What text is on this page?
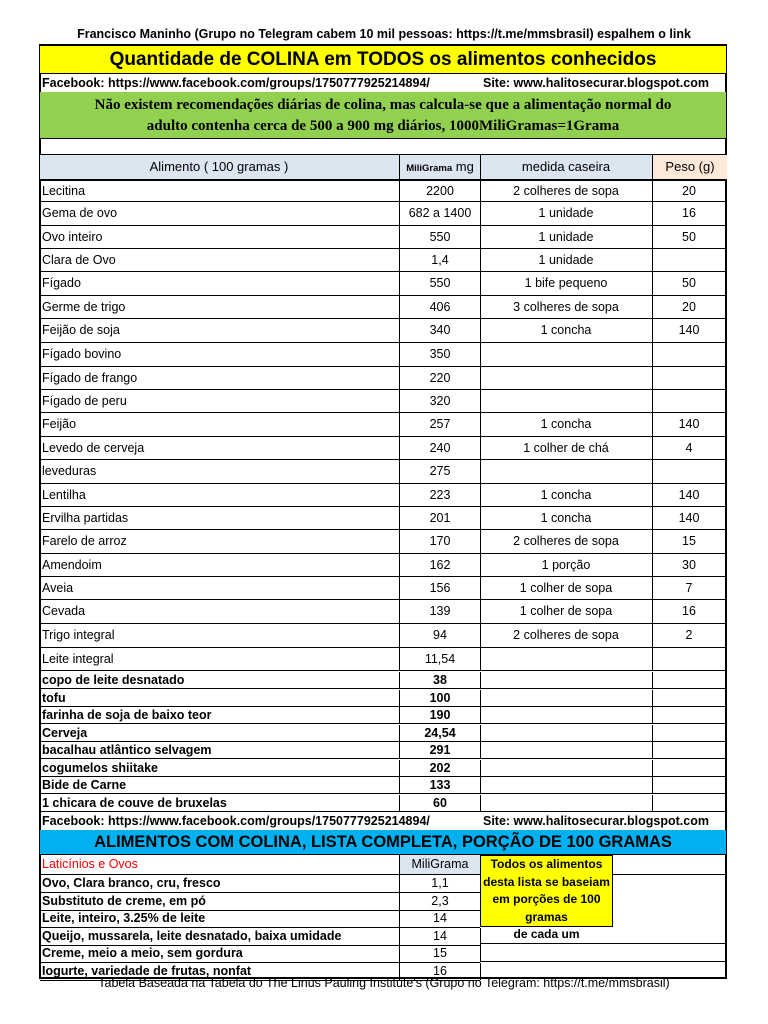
Francisco Maninho (Grupo no Telegram cabem 10 mil pessoas: https://t.me/mmsbrasil) espalhem o link
Quantidade de COLINA em TODOS os alimentos conhecidos
Facebook: https://www.facebook.com/groups/1750777925214894/	Site: www.halitosecurar.blogspot.com
Não existem recomendações diárias de colina, mas calcula-se que a alimentação normal do
adulto contenha cerca de 500 a 900 mg diários, 1000MiliGramas=1Grama
Alimento ( 100 gramas )	MiliGrama mg	medida caseira	Peso (g)
Lecitina	2200	2 colheres de sopa	20
Gema de ovo	682 a 1400	1 unidade	16
Ovo inteiro	550	1 unidade	50
Clara de Ovo	1,4	1 unidade
Fígado	550	1 bife pequeno	50
Germe de trigo	406	3 colheres de sopa	20
Feijão de soja	340	1 concha	140
Fígado bovino	350
Fígado de frango	220
Fígado de peru	320
Feijão	257	1 concha	140
Levedo de cerveja	240	1 colher de chá	4
leveduras	275
Lentilha	223	1 concha	140
Ervilha partidas	201	1 concha	140
Farelo de arroz	170	2 colheres de sopa	15
Amendoim	162	1 porção	30
Aveia	156	1 colher de sopa	7
Cevada	139	1 colher de sopa	16
Trigo integral	94	2 colheres de sopa	2
Leite integral	11,54
copo de leite desnatado	38
tofu	100
farinha de soja de baixo teor	190
Cerveja	24,54
bacalhau atlântico selvagem	291
cogumelos shiitake	202
Bide de Carne	133
1 chicara de couve de bruxelas	60
Facebook: https://www.facebook.com/groups/1750777925214894/	Site: www.halitosecurar.blogspot.com
ALIMENTOS COM COLINA, LISTA COMPLETA, PORÇÃO DE 100 GRAMAS
Laticínios e Ovos	MiliGrama
Ovo, Clara branco, cru, fresco	1,1
Substituto de creme, em pó	2,3
Leite, inteiro, 3.25% de leite	14
Queijo, mussarela, leite desnatado, baixa umidade	14
Creme, meio a meio, sem gordura	15
Iogurte, variedade de frutas, nonfat	16
Todos os alimentos
desta lista se baseiam
em porções de 100 gramas
de cada um
Tabela Baseada na Tabela do The Linus Pauling Institute's (Grupo no Telegram: https://t.me/mmsbrasil)
